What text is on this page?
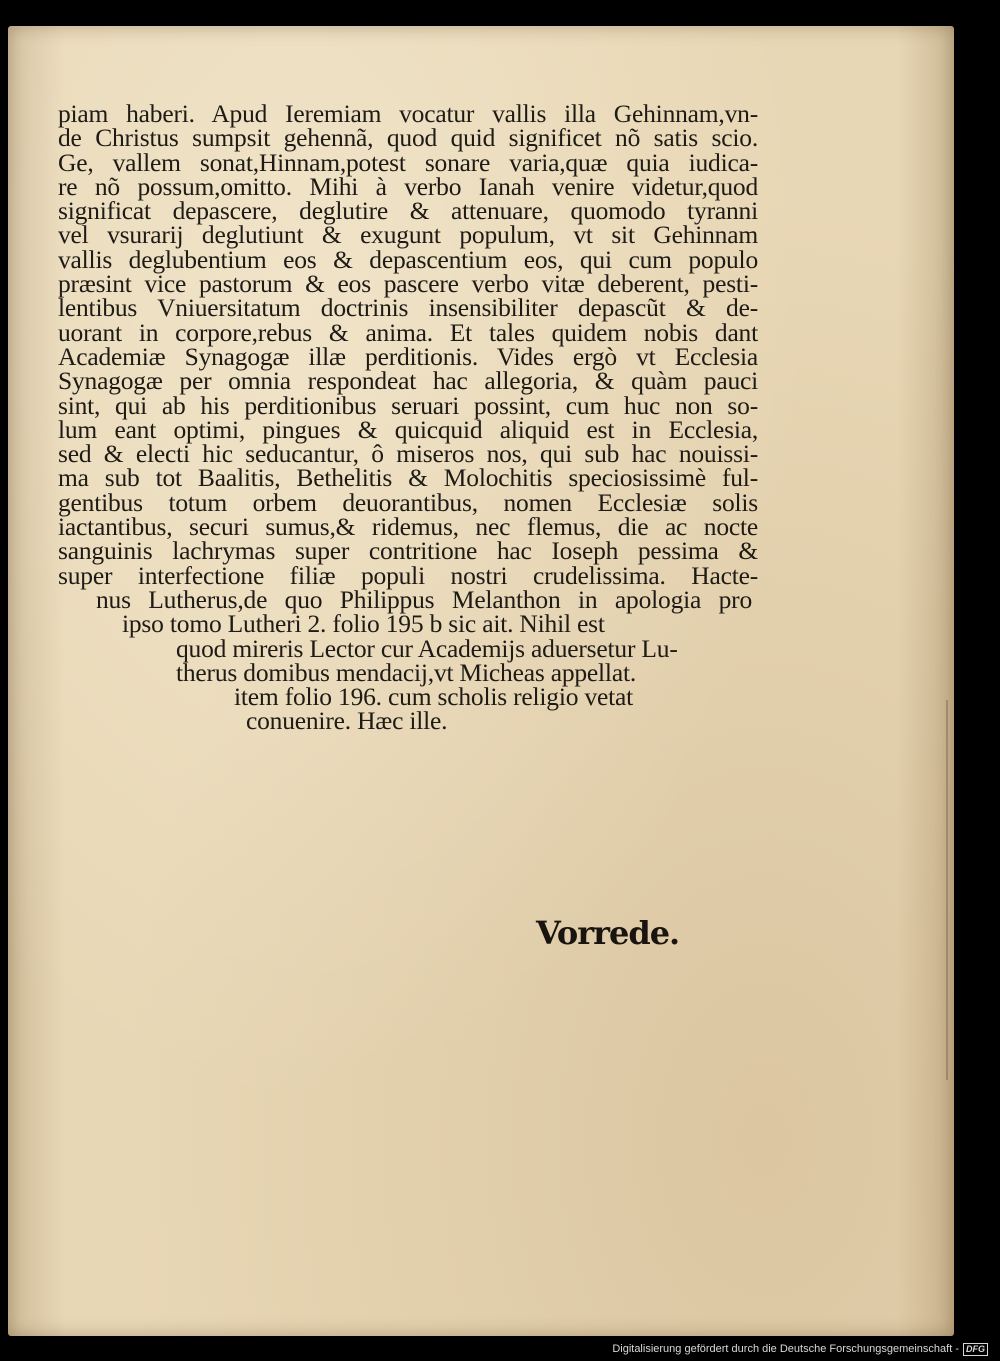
piam haberi. Apud Ieremiam vocatur vallis illa Gehinnam,vn-
de Christus sumpsit gehennã, quod quid significet nõ satis scio.
Ge, vallem sonat,Hinnam,potest sonare varia,quæ quia iudica-
re nõ possum,omitto. Mihi à verbo Ianah venire videtur,quod
significat depascere, deglutire & attenuare, quomodo tyranni
vel vsurarij deglutiunt & exugunt populum, vt sit Gehinnam
vallis deglubentium eos & depascentium eos, qui cum populo
præsint vice pastorum & eos pascere verbo vitæ deberent, pesti-
lentibus Vniuersitatum doctrinis insensibiliter depascũt & de-
uorant in corpore,rebus & anima. Et tales quidem nobis dant
Academiæ Synagogæ illæ perditionis. Vides ergò vt Ecclesia
Synagogæ per omnia respondeat hac allegoria, & quàm pauci
sint, qui ab his perditionibus seruari possint, cum huc non so-
lum eant optimi, pingues & quicquid aliquid est in Ecclesia,
sed & electi hic seducantur, ô miseros nos, qui sub hac nouissi-
ma sub tot Baalitis, Bethelitis & Molochitis speciosissimè ful-
gentibus totum orbem deuorantibus, nomen Ecclesiæ solis
iactantibus, securi sumus,& ridemus, nec flemus, die ac nocte
sanguinis lachrymas super contritione hac Ioseph pessima &
super interfectione filiæ populi nostri crudelissima. Hacte-
nus Lutherus,de quo Philippus Melanthon in apologia pro
ipso tomo Lutheri 2. folio 195 b sic ait. Nihil est
quod mireris Lector cur Academijs aduersetur Lu-
therus domibus mendacij,vt Micheas appellat.
item folio 196. cum scholis religio vetat
conuenire. Hæc ille.
Vorrede.
Digitalisierung gefördert durch die Deutsche Forschungsgemeinschaft - DFG
